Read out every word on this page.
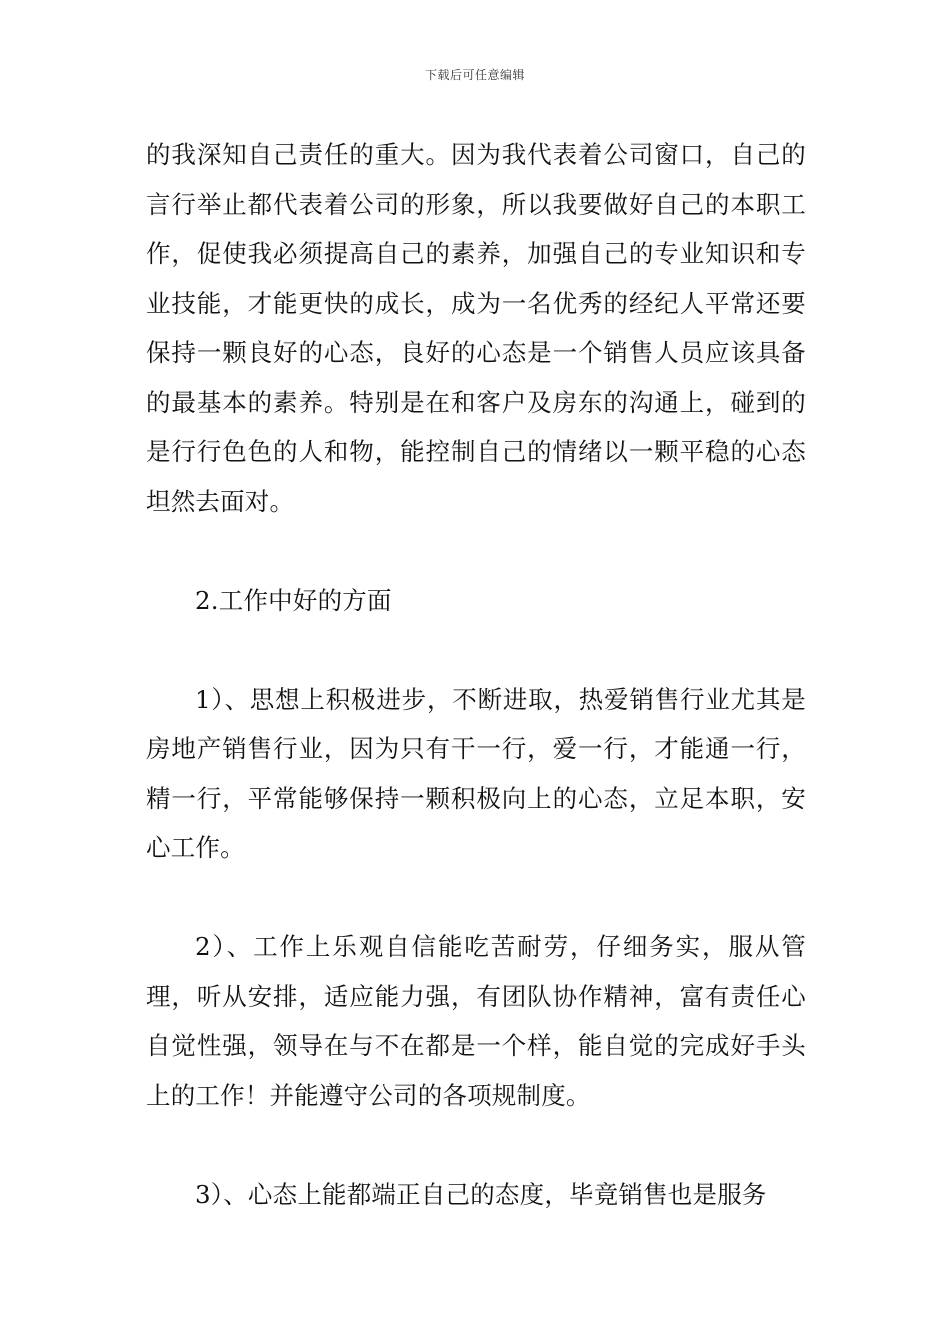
下载后可任意编辑

的我深知自己责任的重大。因为我代表着公司窗口，自己的言行举止都代表着公司的形象，所以我要做好自己的本职工作，促使我必须提高自己的素养，加强自己的专业知识和专业技能，才能更快的成长，成为一名优秀的经纪人平常还要保持一颗良好的心态，良好的心态是一个销售人员应该具备的最基本的素养。特别是在和客户及房东的沟通上，碰到的是行行色色的人和物，能控制自己的情绪以一颗平稳的心态坦然去面对。

2.工作中好的方面

1）、思想上积极进步，不断进取，热爱销售行业尤其是房地产销售行业，因为只有干一行，爱一行，才能通一行，精一行，平常能够保持一颗积极向上的心态，立足本职，安心工作。

2）、工作上乐观自信能吃苦耐劳，仔细务实，服从管理，听从安排，适应能力强，有团队协作精神，富有责任心自觉性强，领导在与不在都是一个样，能自觉的完成好手头上的工作！并能遵守公司的各项规制度。

3）、心态上能都端正自己的态度，毕竟销售也是服务
